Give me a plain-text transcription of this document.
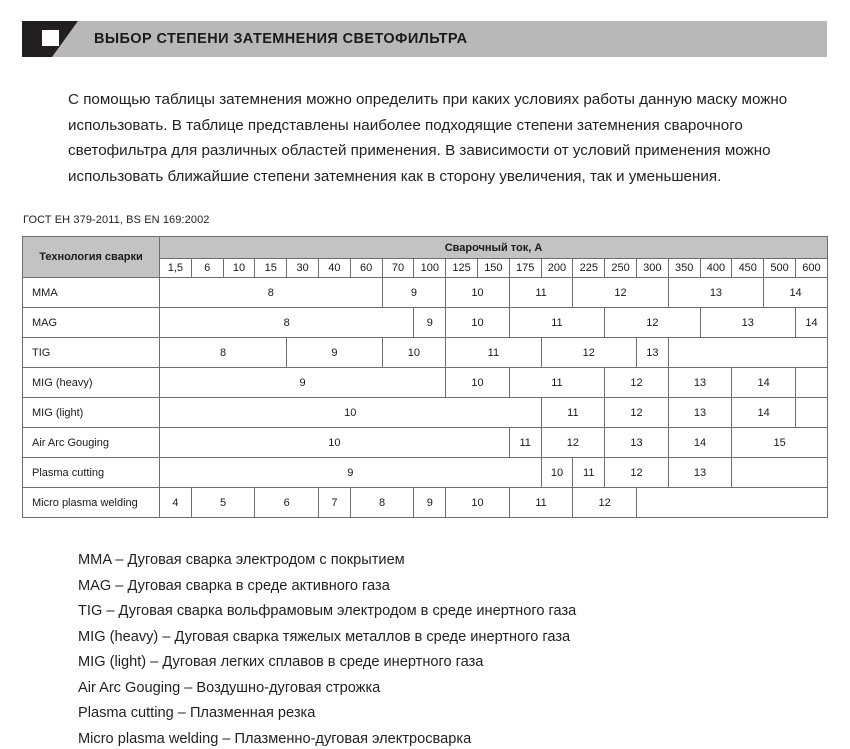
ВЫБОР СТЕПЕНИ ЗАТЕМНЕНИЯ СВЕТОФИЛЬТРА

С помощью таблицы затемнения можно определить при каких условиях работы данную маску можно использовать. В таблице представлены наиболее подходящие степени затемнения сварочного светофильтра для различных областей применения. В зависимости от условий применения можно использовать ближайшие степени затемнения как в сторону увеличения, так и уменьшения.

ГОСТ ЕН 379-2011, BS EN 169:2002
Технология сварки	Сварочный ток, А																				
	1,5	6	10	15	30	40	60	70	100	125	150	175	200	225	250	300	350	400	450	500	600
MMA	8							9		10		11		12			13			14	
MAG	8								9	10		11			12			13			14
TIG	8				9			10		11			12			13					
MIG (heavy)	9									10		11			12		13		14		
MIG (light)	10												11		12		13		14		
Air Arc Gouging	10											11	12		13		14		15		
Plasma cutting	9												10	11	12		13				
Micro plasma welding	4	5		6		7	8		9	10		11		12							
MMA – Дуговая сварка электродом с покрытием
MAG – Дуговая сварка в среде активного газа
TIG – Дуговая сварка вольфрамовым электродом в среде инертного газа
MIG (heavy) – Дуговая сварка тяжелых металлов в среде инертного газа
MIG (light) – Дуговая легких сплавов в среде инертного газа
Air Arc Gouging – Воздушно-дуговая строжка
Plasma cutting – Плазменная резка
Micro plasma welding – Плазменно-дуговая электросварка
